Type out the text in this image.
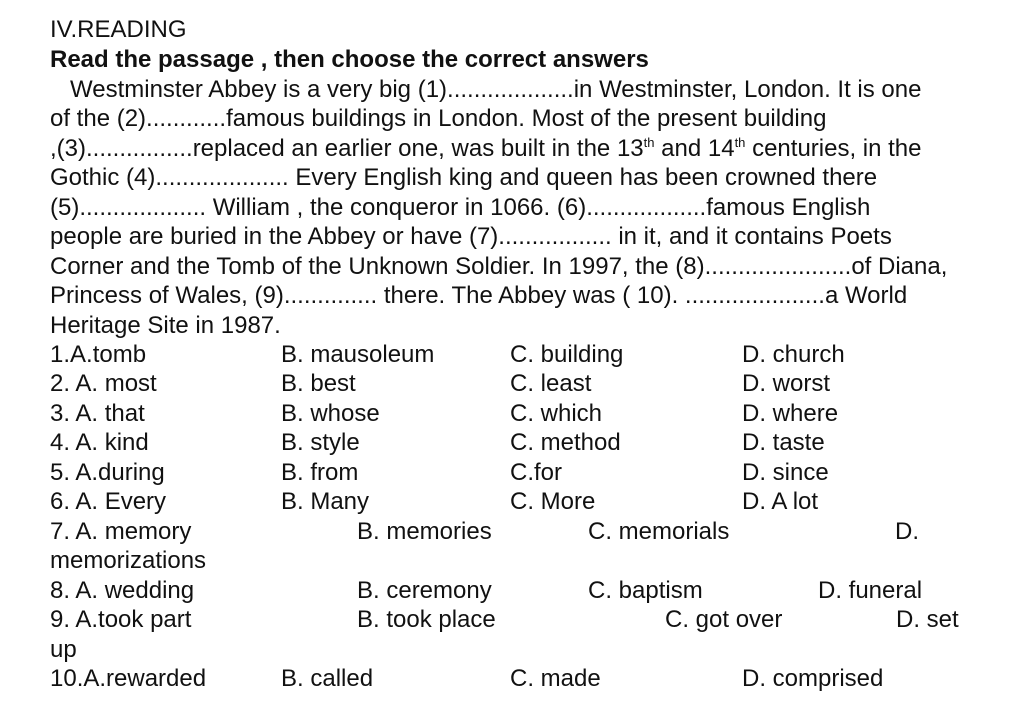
IV.READING
Read the passage , then choose the correct answers
Westminster Abbey is a very big (1)...................in Westminster, London. It is one
of the (2)............famous buildings in London. Most of the present building
,(3)................replaced an earlier one, was built in the 13th and 14th centuries, in the
Gothic (4).................... Every English king and queen has been crowned there
(5)................... William , the conqueror in 1066. (6)..................famous English
people are buried in the Abbey or have (7)................. in it, and it contains Poets
Corner and the Tomb of the Unknown Soldier. In 1997, the (8)......................of Diana,
Princess of Wales, (9).............. there. The Abbey was ( 10). .....................a World
Heritage Site in 1987.
1.A.tomb	B. mausoleum	C. building	D. church
2. A. most	B. best	C. least	D. worst
3. A. that	B. whose	C. which	D. where
4. A. kind	B. style	C. method	D. taste
5. A.during	B. from	C.for	D. since
6. A. Every	B. Many	C. More	D. A lot
7. A. memory	B. memories	C. memorials	D.
memorizations
8. A. wedding	B. ceremony	C. baptism	D. funeral
9. A.took part	B. took place	C. got over	D. set
up
10.A.rewarded	B. called	C. made	D. comprised
